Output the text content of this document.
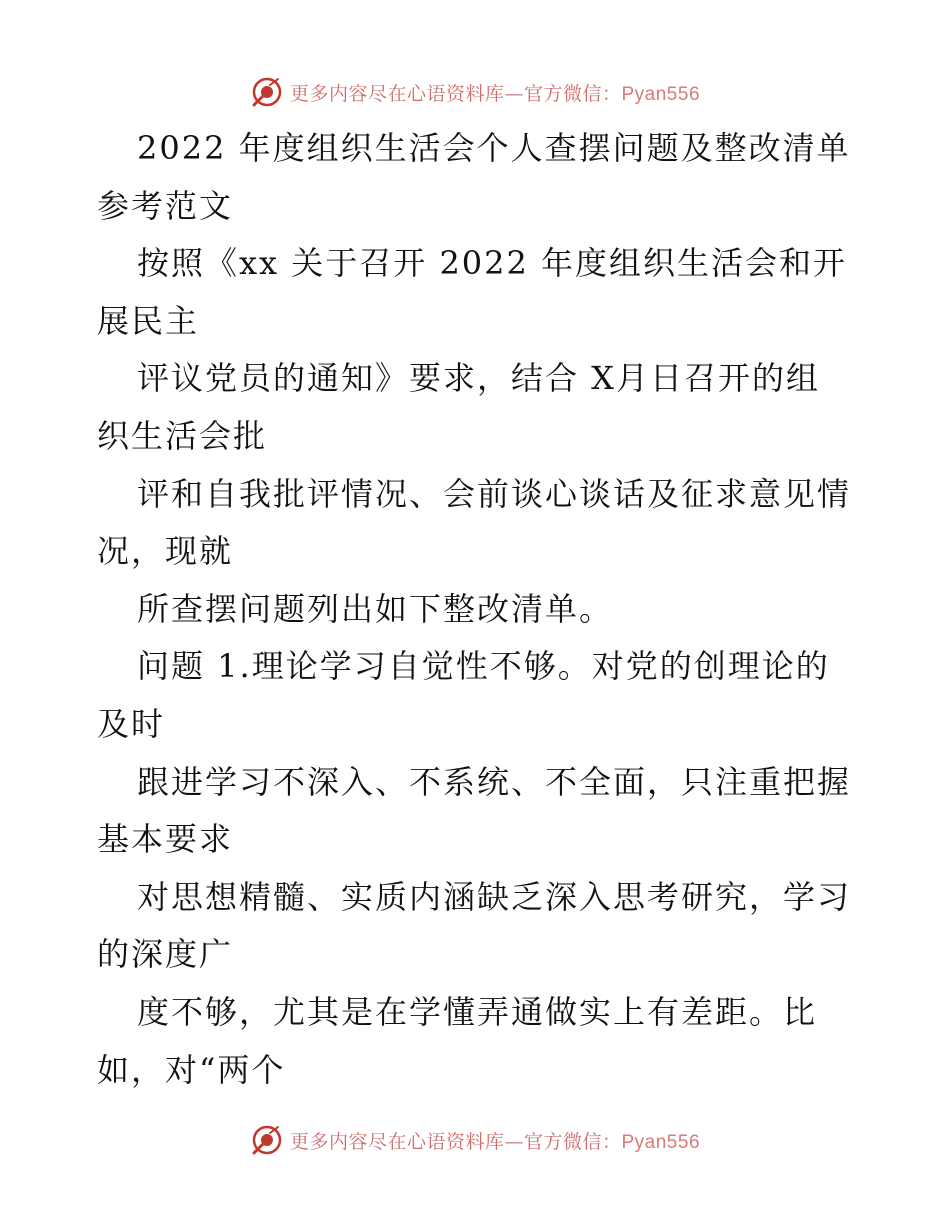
更多内容尽在心语资料库—官方微信：Pyan556
2022 年度组织生活会个人查摆问题及整改清单
参考范文
按照《xx 关于召开 2022 年度组织生活会和开
展民主
评议党员的通知》要求，结合 X月日召开的组
织生活会批
评和自我批评情况、会前谈心谈话及征求意见情
况，现就
所查摆问题列出如下整改清单。
问题 1.理论学习自觉性不够。对党的创理论的
及时
跟进学习不深入、不系统、不全面，只注重把握
基本要求
对思想精髓、实质内涵缺乏深入思考研究，学习
的深度广
度不够，尤其是在学懂弄通做实上有差距。比
如，对“两个
更多内容尽在心语资料库—官方微信：Pyan556
